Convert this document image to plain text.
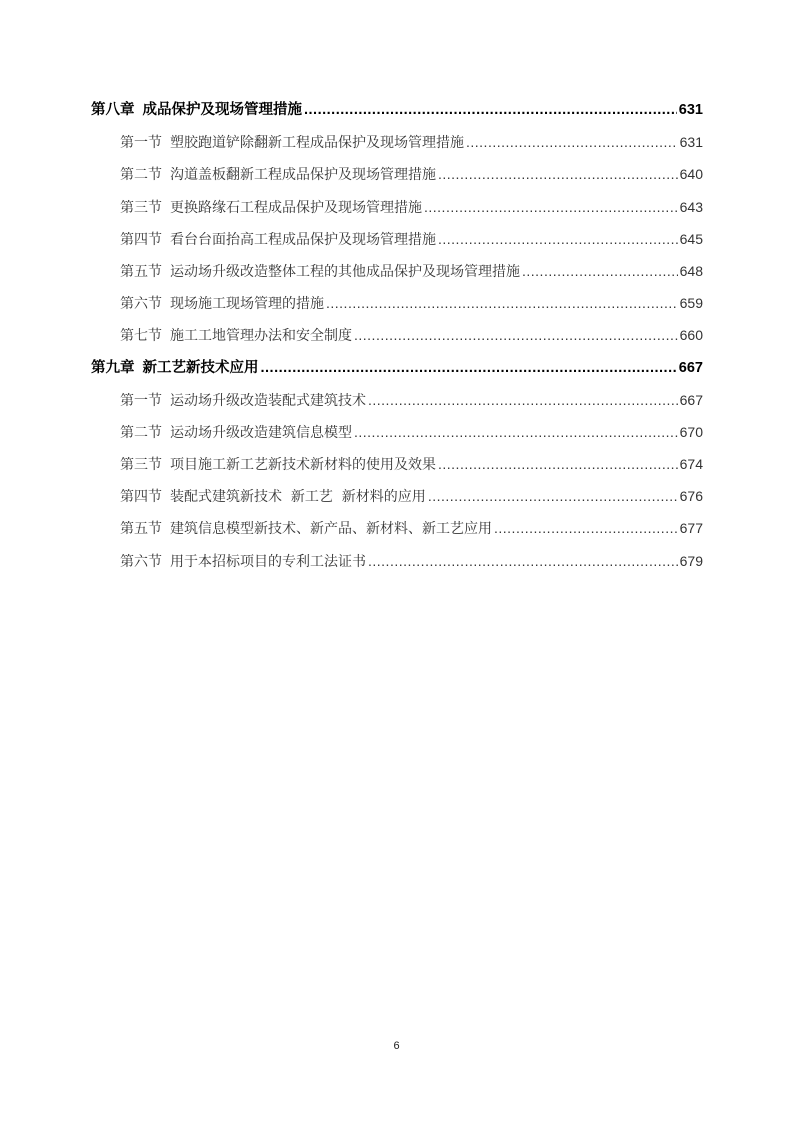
第八章 成品保护及现场管理措施 .....	631
第一节 塑胶跑道铲除翻新工程成品保护及现场管理措施 .....	631
第二节 沟道盖板翻新工程成品保护及现场管理措施 .....	640
第三节 更换路缘石工程成品保护及现场管理措施 .....	643
第四节 看台台面抬高工程成品保护及现场管理措施 .....	645
第五节 运动场升级改造整体工程的其他成品保护及现场管理措施 .....	648
第六节 现场施工现场管理的措施 .....	659
第七节 施工工地管理办法和安全制度 .....	660
第九章 新工艺新技术应用 .....	667
第一节 运动场升级改造装配式建筑技术 .....	667
第二节 运动场升级改造建筑信息模型 .....	670
第三节 项目施工新工艺新技术新材料的使用及效果 .....	674
第四节 装配式建筑新技术  新工艺  新材料的应用 .....	676
第五节 建筑信息模型新技术、新产品、新材料、新工艺应用 .....	677
第六节 用于本招标项目的专利工法证书 .....	679
6
